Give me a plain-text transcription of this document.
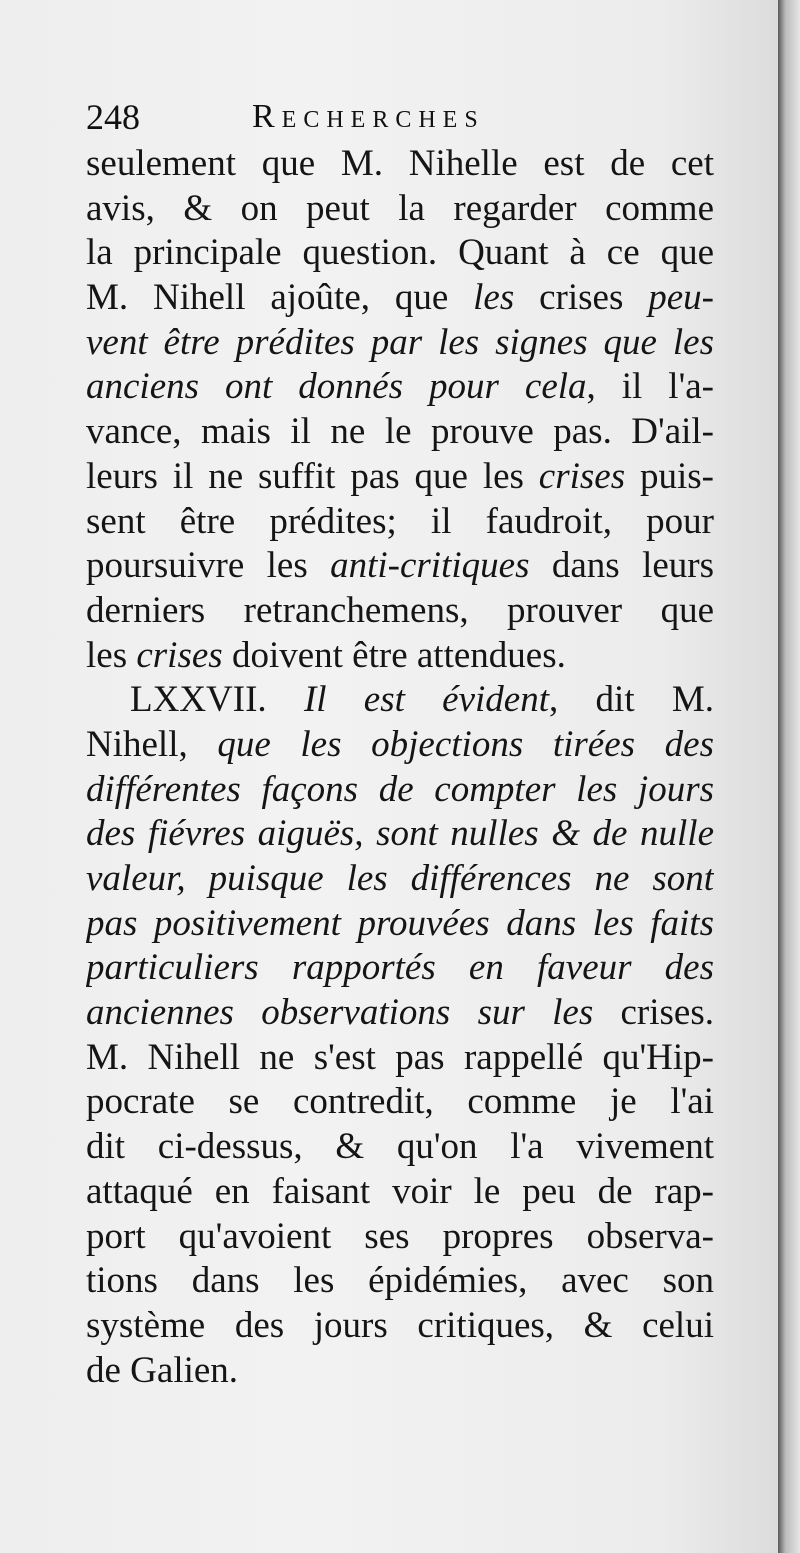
248	Recherches
seulement que M. Nihelle est de cet
avis, & on peut la regarder comme
la principale question. Quant à ce que
M. Nihell ajoûte, que les crises peu-
vent être prédites par les signes que les
anciens ont donnés pour cela, il l'a-
vance, mais il ne le prouve pas. D'ail-
leurs il ne suffit pas que les crises puis-
sent être prédites; il faudroit, pour
poursuivre les anti-critiques dans leurs
derniers retranchemens, prouver que
les crises doivent être attendues.
LXXVII. Il est évident, dit M.
Nihell, que les objections tirées des
différentes façons de compter les jours
des fiévres aiguës, sont nulles & de nulle
valeur, puisque les différences ne sont
pas positivement prouvées dans les faits
particuliers rapportés en faveur des
anciennes observations sur les crises.
M. Nihell ne s'est pas rappellé qu'Hip-
pocrate se contredit, comme je l'ai
dit ci-dessus, & qu'on l'a vivement
attaqué en faisant voir le peu de rap-
port qu'avoient ses propres observa-
tions dans les épidémies, avec son
système des jours critiques, & celui
de Galien.
